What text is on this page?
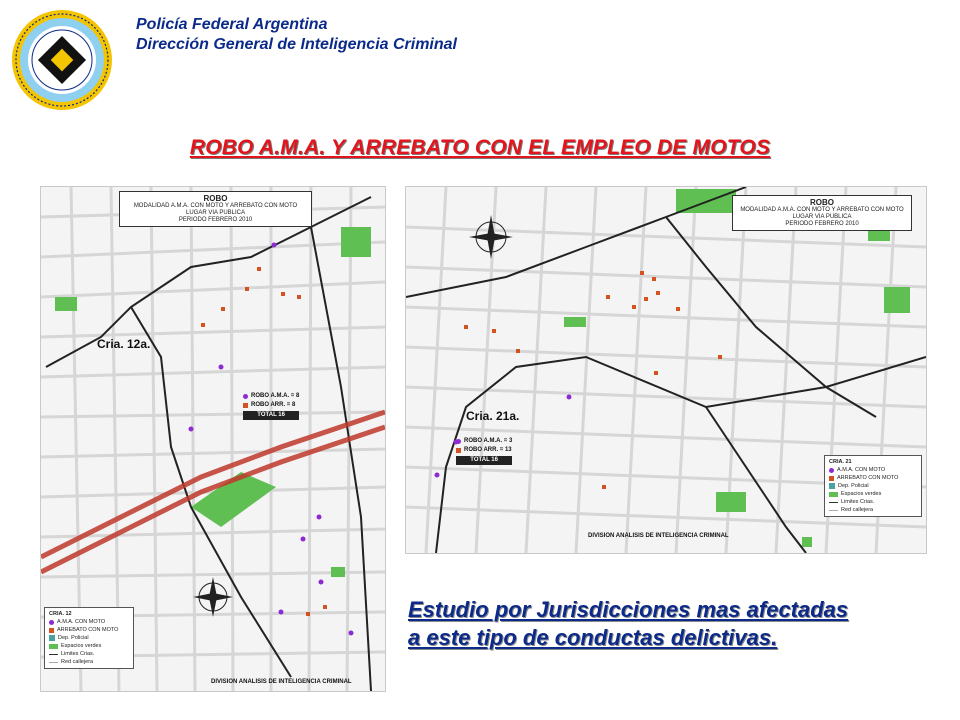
Policía Federal Argentina
Dirección General de Inteligencia Criminal
ROBO A.M.A. Y ARREBATO CON EL EMPLEO DE MOTOS
ROBO
MODALIDAD A.M.A. CON MOTO Y ARREBATO CON MOTO
LUGAR VIA PUBLICA
PERIODO FEBRERO 2010
Cria. 12a.
ROBO A.M.A. = 8
ROBO ARR. = 8
TOTAL 16
CRIA. 12
A.M.A. CON MOTO
ARREBATO CON MOTO
Dep. Policial
Espacios verdes
Limites Crias.
Red callejera
DIVISION ANALISIS DE INTELIGENCIA CRIMINAL
ROBO
MODALIDAD A.M.A. CON MOTO Y ARREBATO CON MOTO
LUGAR VIA PUBLICA
PERIODO FEBRERO 2010
Cria. 21a.
ROBO A.M.A. = 3
ROBO ARR. = 13
TOTAL 16	CRIA. 21
A.M.A. CON MOTO
ARREBATO CON MOTO
Dep. Policial
Espacios verdes
Limites Crias.
Red callejera
DIVISION ANALISIS DE INTELIGENCIA CRIMINAL
Estudio por Jurisdicciones mas afectadas
a este tipo de conductas delictivas.
